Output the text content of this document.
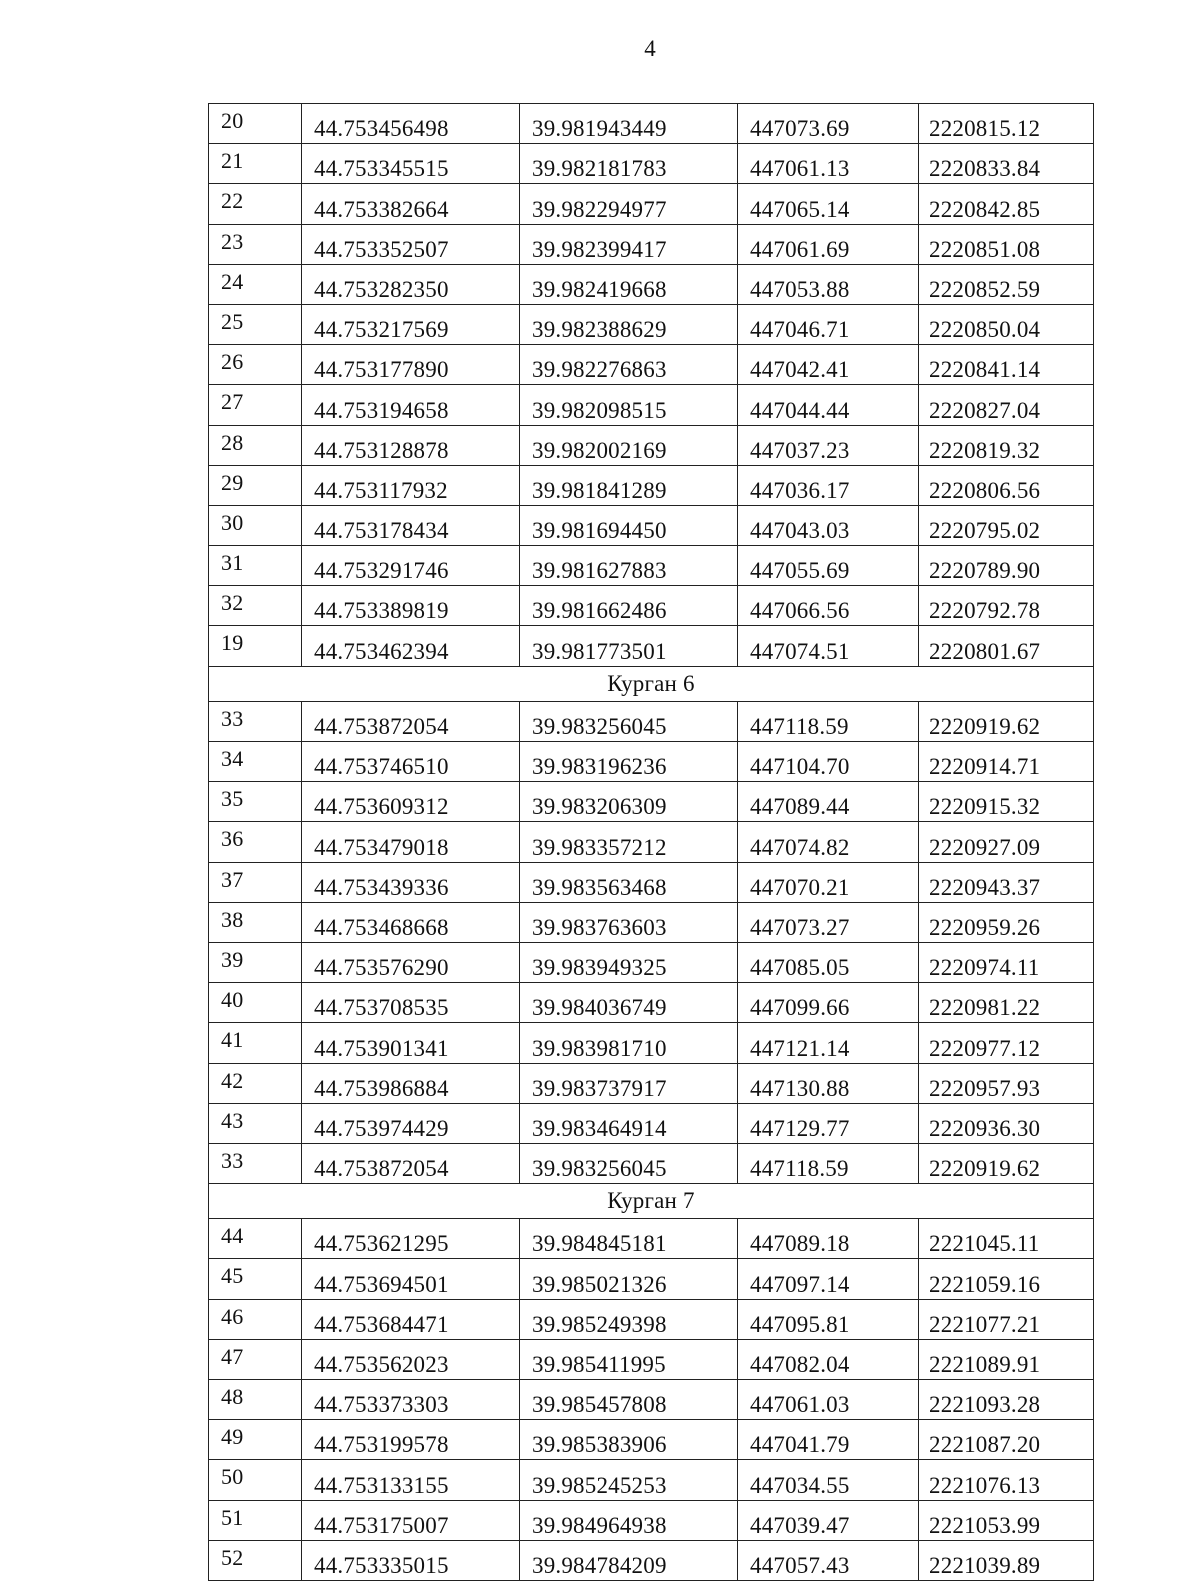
4
20	44.753456498	39.981943449	447073.69	2220815.12
21	44.753345515	39.982181783	447061.13	2220833.84
22	44.753382664	39.982294977	447065.14	2220842.85
23	44.753352507	39.982399417	447061.69	2220851.08
24	44.753282350	39.982419668	447053.88	2220852.59
25	44.753217569	39.982388629	447046.71	2220850.04
26	44.753177890	39.982276863	447042.41	2220841.14
27	44.753194658	39.982098515	447044.44	2220827.04
28	44.753128878	39.982002169	447037.23	2220819.32
29	44.753117932	39.981841289	447036.17	2220806.56
30	44.753178434	39.981694450	447043.03	2220795.02
31	44.753291746	39.981627883	447055.69	2220789.90
32	44.753389819	39.981662486	447066.56	2220792.78
19	44.753462394	39.981773501	447074.51	2220801.67
Курган 6				
33	44.753872054	39.983256045	447118.59	2220919.62
34	44.753746510	39.983196236	447104.70	2220914.71
35	44.753609312	39.983206309	447089.44	2220915.32
36	44.753479018	39.983357212	447074.82	2220927.09
37	44.753439336	39.983563468	447070.21	2220943.37
38	44.753468668	39.983763603	447073.27	2220959.26
39	44.753576290	39.983949325	447085.05	2220974.11
40	44.753708535	39.984036749	447099.66	2220981.22
41	44.753901341	39.983981710	447121.14	2220977.12
42	44.753986884	39.983737917	447130.88	2220957.93
43	44.753974429	39.983464914	447129.77	2220936.30
33	44.753872054	39.983256045	447118.59	2220919.62
Курган 7				
44	44.753621295	39.984845181	447089.18	2221045.11
45	44.753694501	39.985021326	447097.14	2221059.16
46	44.753684471	39.985249398	447095.81	2221077.21
47	44.753562023	39.985411995	447082.04	2221089.91
48	44.753373303	39.985457808	447061.03	2221093.28
49	44.753199578	39.985383906	447041.79	2221087.20
50	44.753133155	39.985245253	447034.55	2221076.13
51	44.753175007	39.984964938	447039.47	2221053.99
52	44.753335015	39.984784209	447057.43	2221039.89
